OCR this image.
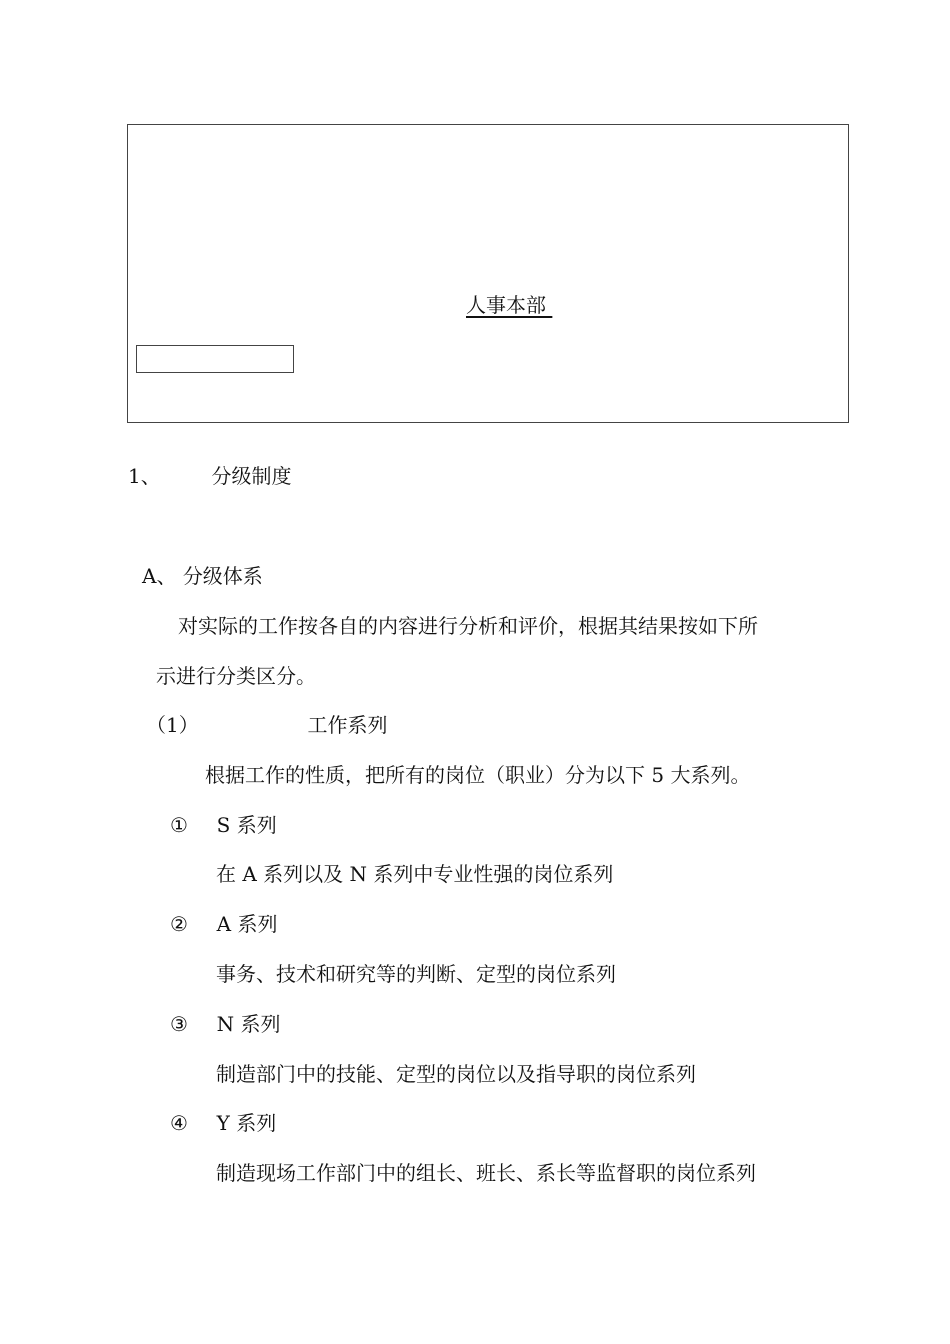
人事本部
1、	分级制度
A、 分级体系
对实际的工作按各自的内容进行分析和评价，根据其结果按如下所
示进行分类区分。
（1）	工作系列
根据工作的性质，把所有的岗位（职业）分为以下 5 大系列。
① S 系列
在 A 系列以及 N 系列中专业性强的岗位系列
② A 系列
事务、技术和研究等的判断、定型的岗位系列
③ N 系列
制造部门中的技能、定型的岗位以及指导职的岗位系列
④ Y 系列
制造现场工作部门中的组长、班长、系长等监督职的岗位系列
